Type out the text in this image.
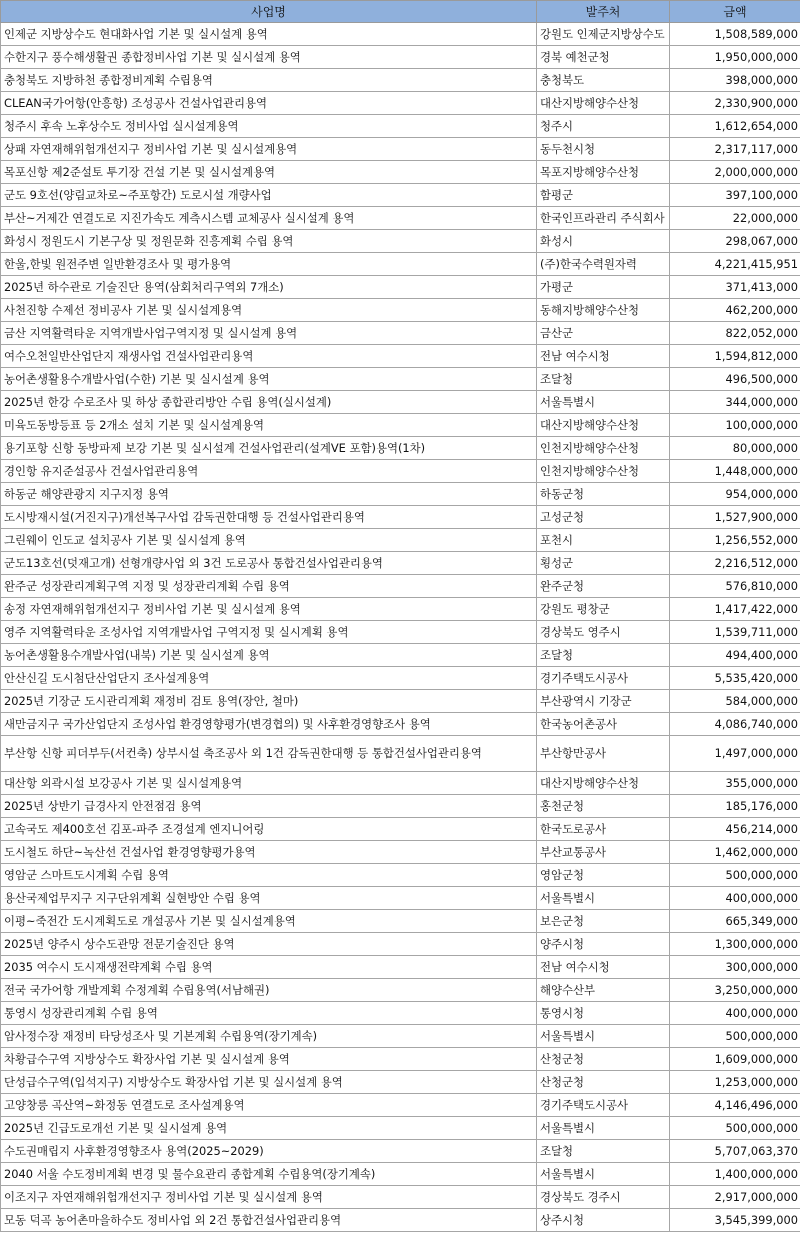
사업명	발주처	금액
인제군 지방상수도 현대화사업 기본 및 실시설계 용역	강원도 인제군지방상수도	1,508,589,000
수한지구 풍수해생활권 종합정비사업 기본 및 실시설계 용역	경북 예천군청	1,950,000,000
충청북도 지방하천 종합정비계획 수립용역	충청북도	398,000,000
CLEAN국가어항(안흥항) 조성공사 건설사업관리용역	대산지방해양수산청	2,330,900,000
청주시 후속 노후상수도 정비사업 실시설계용역	청주시	1,612,654,000
상패 자연재해위험개선지구 정비사업 기본 및 실시설계용역	동두천시청	2,317,117,000
목포신항 제2준설토 투기장 건설 기본 및 실시설계용역	목포지방해양수산청	2,000,000,000
군도 9호선(양림교차로~주포항간) 도로시설 개량사업	함평군	397,100,000
부산~거제간 연결도로 지진가속도 계측시스템 교체공사 실시설계 용역	한국인프라관리 주식회사	22,000,000
화성시 정원도시 기본구상 및 정원문화 진흥계획 수립 용역	화성시	298,067,000
한울,한빛 원전주변 일반환경조사 및 평가용역	(주)한국수력원자력	4,221,415,951
2025년 하수관로 기술진단 용역(삼회처리구역외 7개소)	가평군	371,413,000
사천진항 수제선 정비공사 기본 및 실시설계용역	동해지방해양수산청	462,200,000
금산 지역활력타운 지역개발사업구역지정 및 실시설계 용역	금산군	822,052,000
여수오천일반산업단지 재생사업 건설사업관리용역	전남 여수시청	1,594,812,000
농어촌생활용수개발사업(수한) 기본 및 실시설계 용역	조달청	496,500,000
2025년 한강 수로조사 및 하상 종합관리방안 수립 용역(실시설계)	서울특별시	344,000,000
미육도동방등표 등 2개소 설치 기본 및 실시설계용역	대산지방해양수산청	100,000,000
용기포항 신항 동방파제 보강 기본 및 실시설계 건설사업관리(설계VE 포함)용역(1차)	인천지방해양수산청	80,000,000
경인항 유지준설공사 건설사업관리용역	인천지방해양수산청	1,448,000,000
하동군 해양관광지 지구지정 용역	하동군청	954,000,000
도시방재시설(거진지구)개선복구사업 감독권한대행 등 건설사업관리용역	고성군청	1,527,900,000
그린웨이 인도교 설치공사 기본 및 실시설계 용역	포천시	1,256,552,000
군도13호선(덧재고개) 선형개량사업 외 3건 도로공사 통합건설사업관리용역	횡성군	2,216,512,000
완주군 성장관리계획구역 지정 및 성장관리계획 수립 용역	완주군청	576,810,000
송정 자연재해위험개선지구 정비사업 기본 및 실시설계 용역	강원도 평창군	1,417,422,000
영주 지역활력타운 조성사업 지역개발사업 구역지정 및 실시계획 용역	경상북도 영주시	1,539,711,000
농어촌생활용수개발사업(내북) 기본 및 실시설계 용역	조달청	494,400,000
안산신길 도시첨단산업단지 조사설계용역	경기주택도시공사	5,535,420,000
2025년 기장군 도시관리계획 재정비 검토 용역(장안, 철마)	부산광역시 기장군	584,000,000
새만금지구 국가산업단지 조성사업 환경영향평가(변경협의) 및 사후환경영향조사 용역	한국농어촌공사	4,086,740,000
부산항 신항 피더부두(서컨축) 상부시설 축조공사 외 1건 감독권한대행 등 통합건설사업관리용역	부산항만공사	1,497,000,000
대산항 외곽시설 보강공사 기본 및 실시설계용역	대산지방해양수산청	355,000,000
2025년 상반기 급경사지 안전점검 용역	홍천군청	185,176,000
고속국도 제400호선 김포-파주 조경설계 엔지니어링	한국도로공사	456,214,000
도시철도 하단~녹산선 건설사업 환경영향평가용역	부산교통공사	1,462,000,000
영암군 스마트도시계획 수립 용역	영암군청	500,000,000
용산국제업무지구 지구단위계획 실현방안 수립 용역	서울특별시	400,000,000
이평~죽전간 도시계획도로 개설공사 기본 및 실시설계용역	보은군청	665,349,000
2025년 양주시 상수도관망 전문기술진단 용역	양주시청	1,300,000,000
2035 여수시 도시재생전략계획 수립 용역	전남 여수시청	300,000,000
전국 국가어항 개발계획 수정계획 수립용역(서남해권)	해양수산부	3,250,000,000
통영시 성장관리계획 수립 용역	통영시청	400,000,000
암사정수장 재정비 타당성조사 및 기본계획 수립용역(장기계속)	서울특별시	500,000,000
차황급수구역 지방상수도 확장사업 기본 및 실시설계 용역	산청군청	1,609,000,000
단성급수구역(입석지구) 지방상수도 확장사업 기본 및 실시설계 용역	산청군청	1,253,000,000
고양창릉 곡산역~화정동 연결도로 조사설계용역	경기주택도시공사	4,146,496,000
2025년 긴급도로개선 기본 및 실시설계 용역	서울특별시	500,000,000
수도권매립지 사후환경영향조사 용역(2025~2029)	조달청	5,707,063,370
2040 서울 수도정비계획 변경 및 물수요관리 종합계획 수립용역(장기계속)	서울특별시	1,400,000,000
이조지구 자연재해위험개선지구 정비사업 기본 및 실시설계 용역	경상북도 경주시	2,917,000,000
모동 덕곡 농어촌마을하수도 정비사업 외 2건 통합건설사업관리용역	상주시청	3,545,399,000
